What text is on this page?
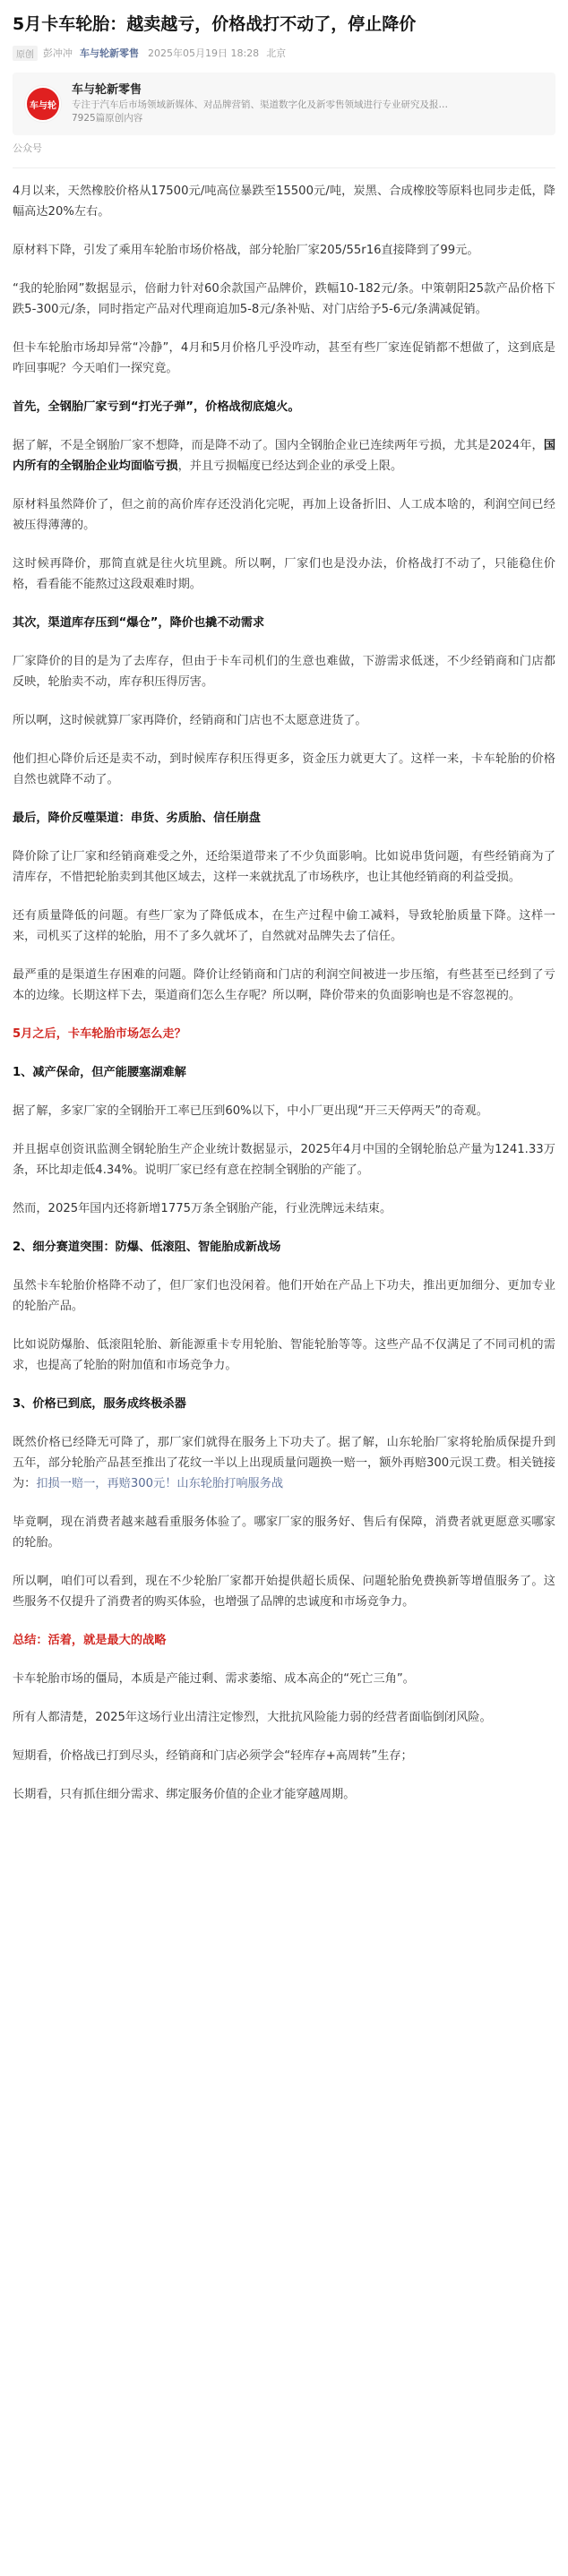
5月卡车轮胎：越卖越亏，价格战打不动了，停止降价
原创 彭冲冲 车与轮新零售 2025年05月19日 18:28 北京
车与轮
车与轮新零售
专注于汽车后市场领域新媒体、对品牌营销、渠道数字化及新零售领域进行专业研究及报…
7925篇原创内容
公众号

4月以来，天然橡胶价格从17500元/吨高位暴跌至15500元/吨，炭黑、合成橡胶等原料也同步走低，降幅高达20%左右。

原材料下降，引发了乘用车轮胎市场价格战，部分轮胎厂家205/55r16直接降到了99元。

“我的轮胎网”数据显示，倍耐力针对60余款国产品牌价，跌幅10-182元/条。中策朝阳25款产品价格下跌5-300元/条，同时指定产品对代理商追加5-8元/条补贴、对门店给予5-6元/条满减促销。

但卡车轮胎市场却异常“冷静”，4月和5月价格几乎没咋动，甚至有些厂家连促销都不想做了，这到底是咋回事呢？今天咱们一探究竟。

首先，全钢胎厂家亏到“打光子弹”，价格战彻底熄火。

据了解，不是全钢胎厂家不想降，而是降不动了。国内全钢胎企业已连续两年亏损，尤其是2024年，国内所有的全钢胎企业均面临亏损，并且亏损幅度已经达到企业的承受上限。

原材料虽然降价了，但之前的高价库存还没消化完呢，再加上设备折旧、人工成本啥的，利润空间已经被压得薄薄的。

这时候再降价，那简直就是往火坑里跳。所以啊，厂家们也是没办法，价格战打不动了，只能稳住价格，看看能不能熬过这段艰难时期。

其次，渠道库存压到“爆仓”，降价也撬不动需求

厂家降价的目的是为了去库存，但由于卡车司机们的生意也难做，下游需求低迷，不少经销商和门店都反映，轮胎卖不动，库存积压得厉害。

所以啊，这时候就算厂家再降价，经销商和门店也不太愿意进货了。

他们担心降价后还是卖不动，到时候库存积压得更多，资金压力就更大了。这样一来，卡车轮胎的价格自然也就降不动了。

最后，降价反噬渠道：串货、劣质胎、信任崩盘

降价除了让厂家和经销商难受之外，还给渠道带来了不少负面影响。比如说串货问题，有些经销商为了清库存，不惜把轮胎卖到其他区域去，这样一来就扰乱了市场秩序，也让其他经销商的利益受损。

还有质量降低的问题。有些厂家为了降低成本，在生产过程中偷工减料，导致轮胎质量下降。这样一来，司机买了这样的轮胎，用不了多久就坏了，自然就对品牌失去了信任。

最严重的是渠道生存困难的问题。降价让经销商和门店的利润空间被进一步压缩，有些甚至已经到了亏本的边缘。长期这样下去，渠道商们怎么生存呢？所以啊，降价带来的负面影响也是不容忽视的。

5月之后，卡车轮胎市场怎么走？

1、减产保命，但产能腰塞湖难解

据了解，多家厂家的全钢胎开工率已压到60%以下，中小厂更出现“开三天停两天”的奇观。

并且据卓创资讯监测全钢轮胎生产企业统计数据显示，2025年4月中国的全钢轮胎总产量为1241.33万条，环比却走低4.34%。说明厂家已经有意在控制全钢胎的产能了。

然而，2025年国内还将新增1775万条全钢胎产能，行业洗牌远未结束。

2、细分赛道突围：防爆、低滚阻、智能胎成新战场

虽然卡车轮胎价格降不动了，但厂家们也没闲着。他们开始在产品上下功夫，推出更加细分、更加专业的轮胎产品。

比如说防爆胎、低滚阻轮胎、新能源重卡专用轮胎、智能轮胎等等。这些产品不仅满足了不同司机的需求，也提高了轮胎的附加值和市场竞争力。

3、价格已到底，服务成终极杀器

既然价格已经降无可降了，那厂家们就得在服务上下功夫了。据了解，山东轮胎厂家将轮胎质保提升到五年，部分轮胎产品甚至推出了花纹一半以上出现质量问题换一赔一，额外再赔300元误工费。相关链接为：扣损一赔一，再赔300元！山东轮胎打响服务战

毕竟啊，现在消费者越来越看重服务体验了。哪家厂家的服务好、售后有保障，消费者就更愿意买哪家的轮胎。

所以啊，咱们可以看到，现在不少轮胎厂家都开始提供超长质保、问题轮胎免费换新等增值服务了。这些服务不仅提升了消费者的购买体验，也增强了品牌的忠诚度和市场竞争力。

总结：活着，就是最大的战略

卡车轮胎市场的僵局，本质是产能过剩、需求萎缩、成本高企的“死亡三角”。

所有人都清楚，2025年这场行业出清注定惨烈，大批抗风险能力弱的经营者面临倒闭风险。

短期看，价格战已打到尽头，经销商和门店必须学会“轻库存+高周转”生存；

长期看，只有抓住细分需求、绑定服务价值的企业才能穿越周期。
